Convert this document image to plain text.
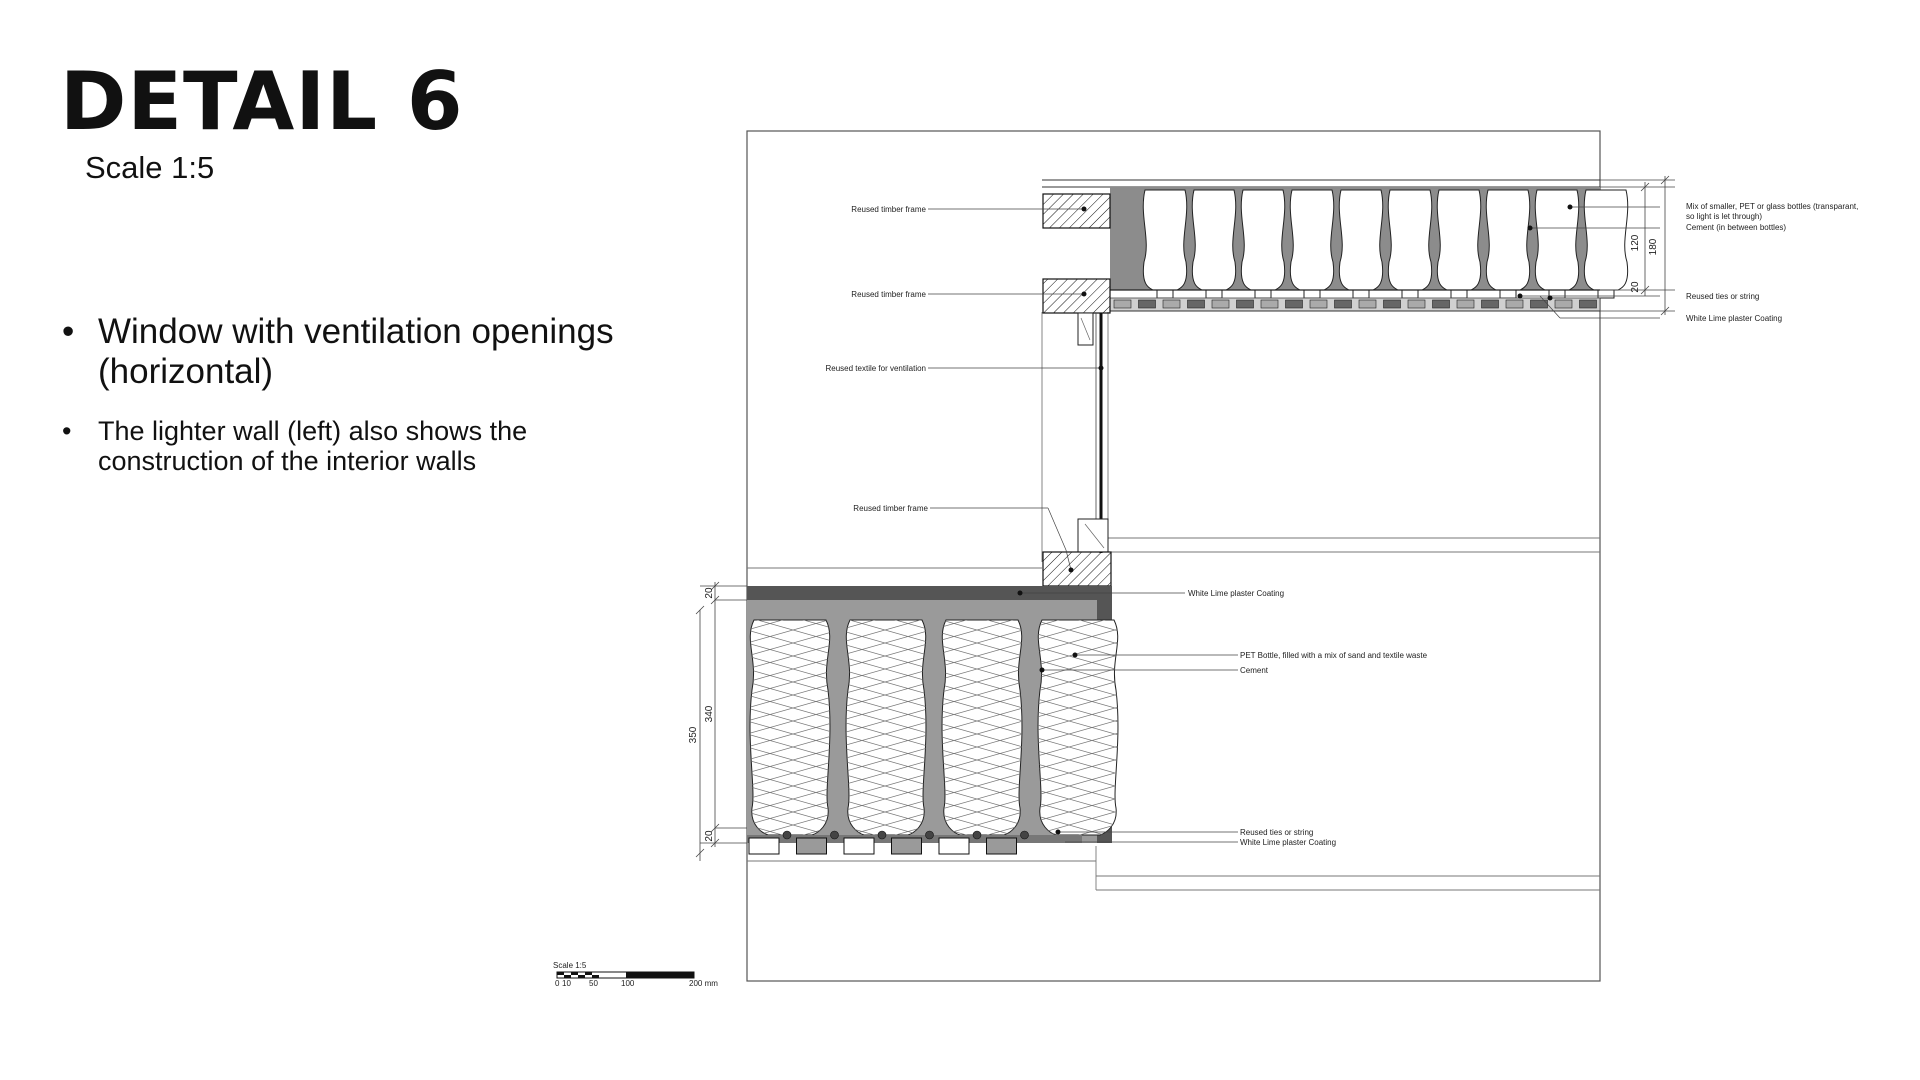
DETAIL 6
Scale 1:5
• Window with ventilation openings (horizontal)
• The lighter wall (left) also shows the construction of the interior walls
Reused timber frame
Reused timber frame
Reused textile for ventilation
Reused timber frame
Mix of smaller, PET or glass bottles (transparant,
so light is let through)
Cement (in between bottles)
Reused ties or string
White Lime plaster Coating
White Lime plaster Coating
PET Bottle, filled with a mix of sand and textile waste
Cement
Reused ties or string
White Lime plaster Coating
120 180
20
20
340
350
20
Scale 1:5
0 10 50	100	200 mm
